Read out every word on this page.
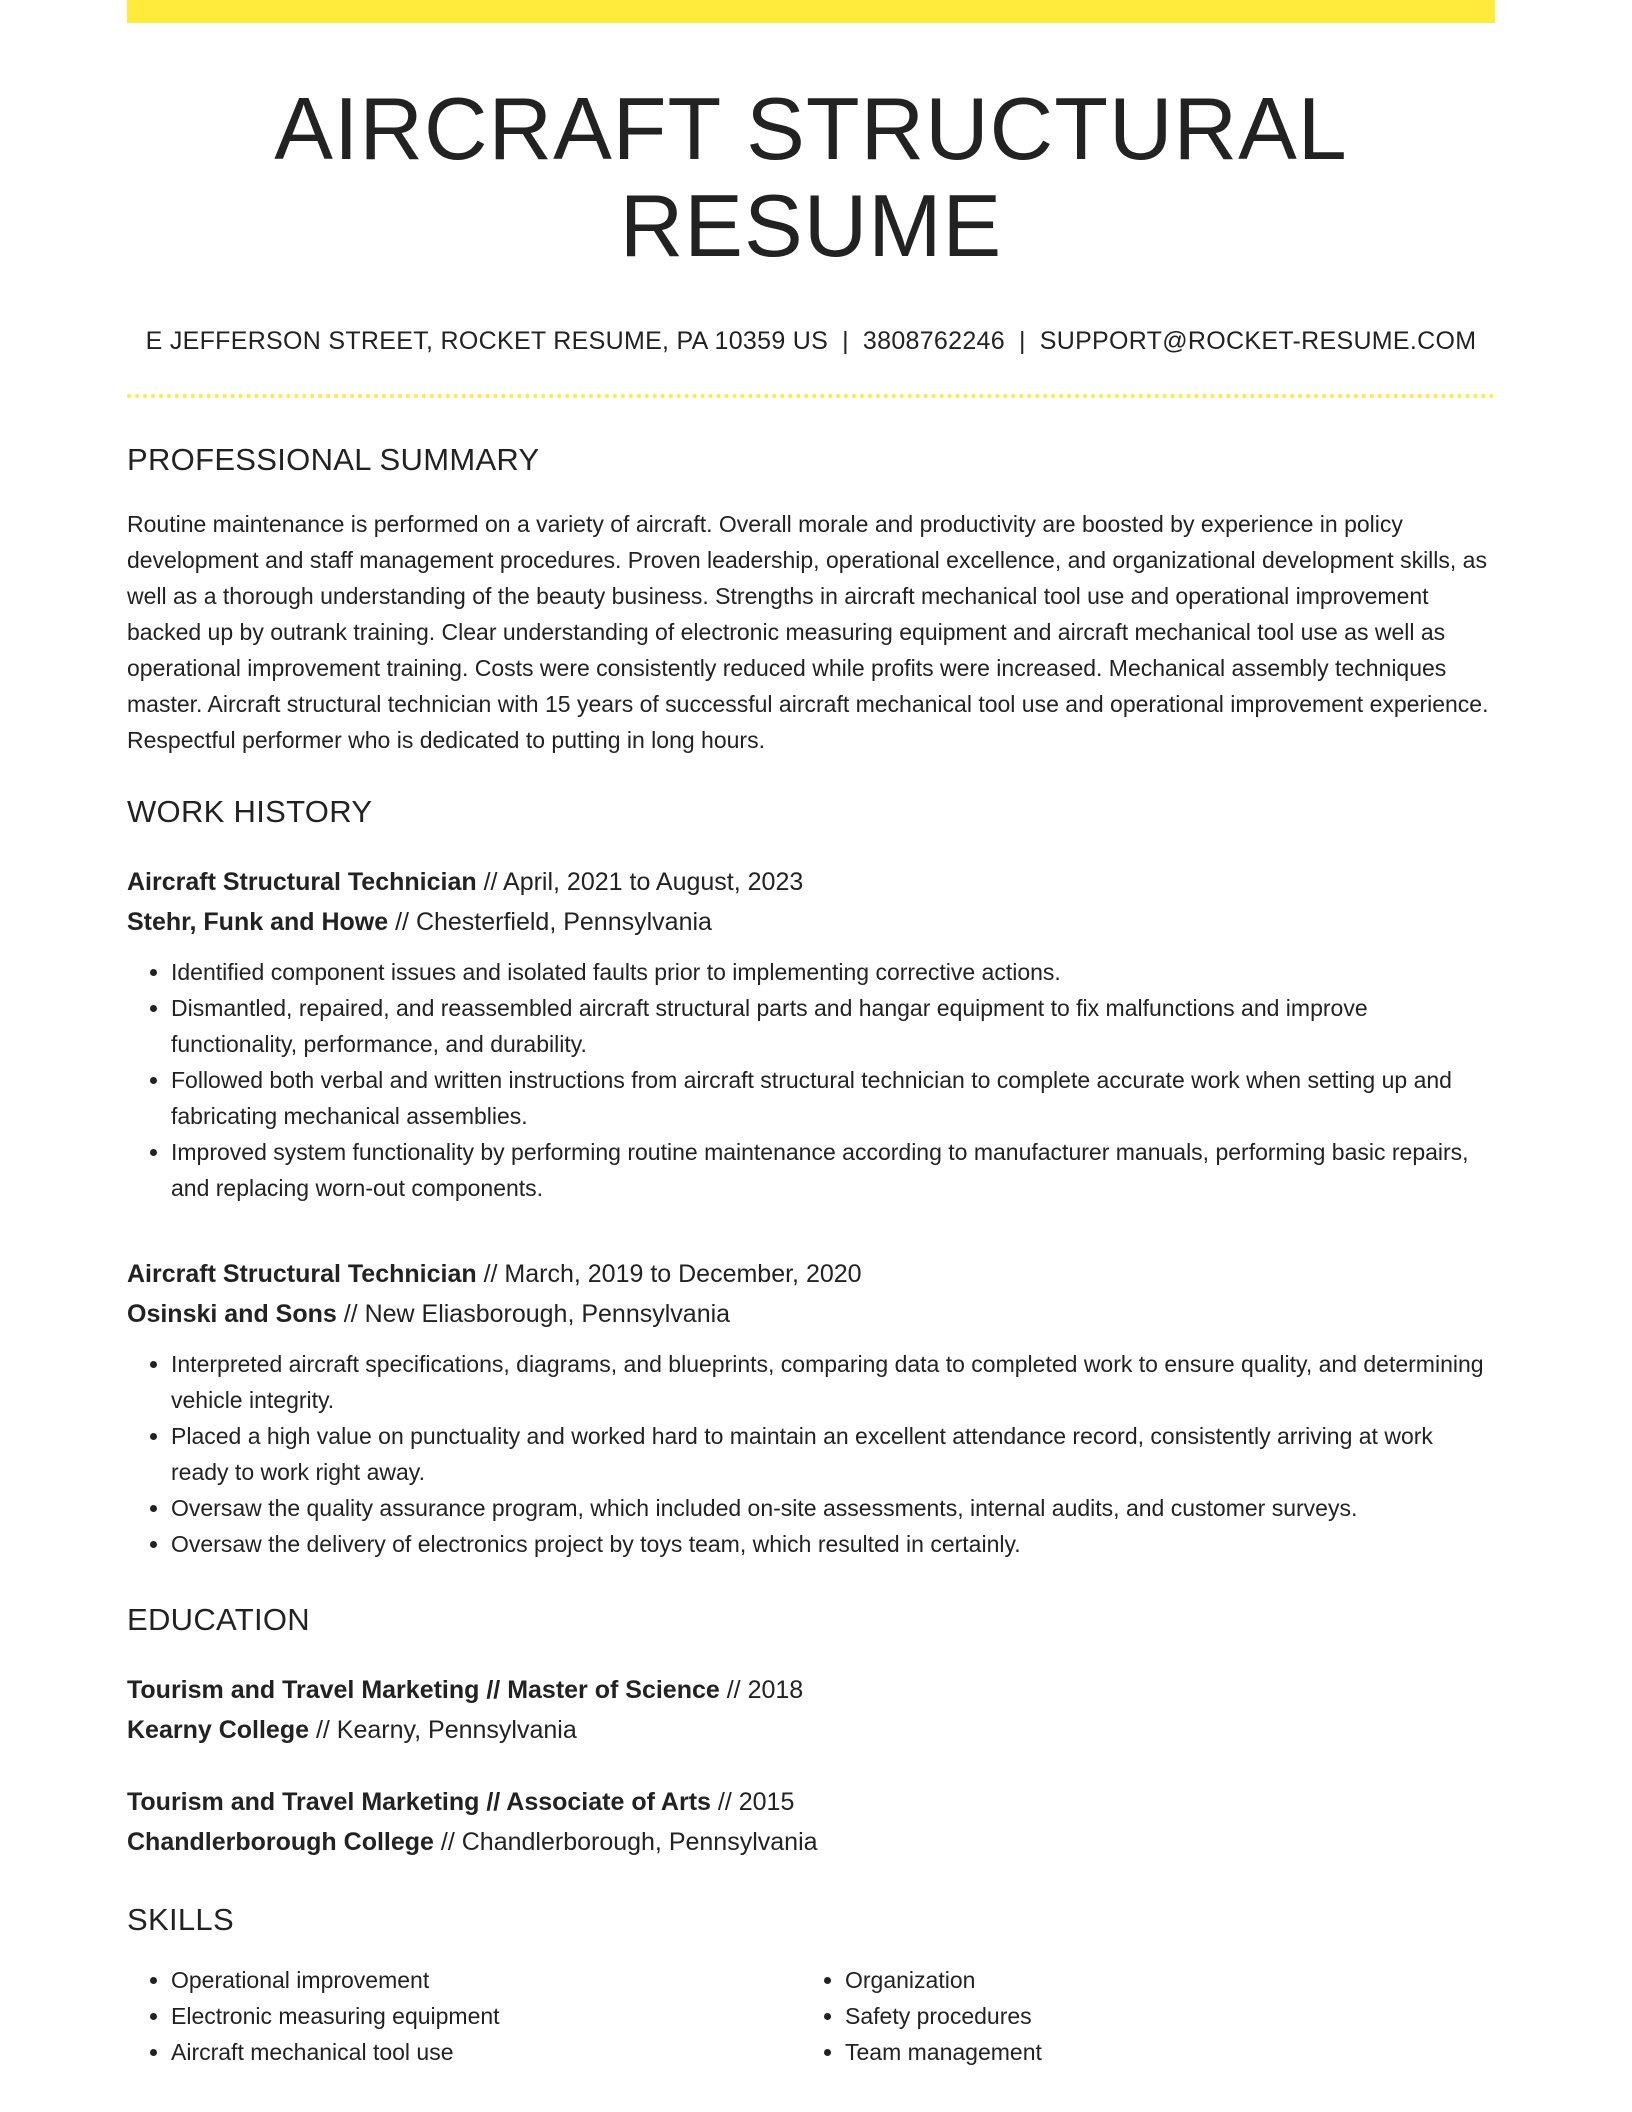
AIRCRAFT STRUCTURAL RESUME
E JEFFERSON STREET, ROCKET RESUME, PA 10359 US | 3808762246 | SUPPORT@ROCKET-RESUME.COM
PROFESSIONAL SUMMARY
Routine maintenance is performed on a variety of aircraft. Overall morale and productivity are boosted by experience in policy development and staff management procedures. Proven leadership, operational excellence, and organizational development skills, as well as a thorough understanding of the beauty business. Strengths in aircraft mechanical tool use and operational improvement backed up by outrank training. Clear understanding of electronic measuring equipment and aircraft mechanical tool use as well as operational improvement training. Costs were consistently reduced while profits were increased. Mechanical assembly techniques master. Aircraft structural technician with 15 years of successful aircraft mechanical tool use and operational improvement experience. Respectful performer who is dedicated to putting in long hours.
WORK HISTORY
Aircraft Structural Technician // April, 2021 to August, 2023
Stehr, Funk and Howe // Chesterfield, Pennsylvania
• Identified component issues and isolated faults prior to implementing corrective actions.
• Dismantled, repaired, and reassembled aircraft structural parts and hangar equipment to fix malfunctions and improve functionality, performance, and durability.
• Followed both verbal and written instructions from aircraft structural technician to complete accurate work when setting up and fabricating mechanical assemblies.
• Improved system functionality by performing routine maintenance according to manufacturer manuals, performing basic repairs, and replacing worn-out components.
Aircraft Structural Technician // March, 2019 to December, 2020
Osinski and Sons // New Eliasborough, Pennsylvania
• Interpreted aircraft specifications, diagrams, and blueprints, comparing data to completed work to ensure quality, and determining vehicle integrity.
• Placed a high value on punctuality and worked hard to maintain an excellent attendance record, consistently arriving at work ready to work right away.
• Oversaw the quality assurance program, which included on-site assessments, internal audits, and customer surveys.
• Oversaw the delivery of electronics project by toys team, which resulted in certainly.
EDUCATION
Tourism and Travel Marketing // Master of Science // 2018
Kearny College // Kearny, Pennsylvania
Tourism and Travel Marketing // Associate of Arts // 2015
Chandlerborough College // Chandlerborough, Pennsylvania
SKILLS
• Operational improvement
• Electronic measuring equipment
• Aircraft mechanical tool use
• Organization
• Safety procedures
• Team management
